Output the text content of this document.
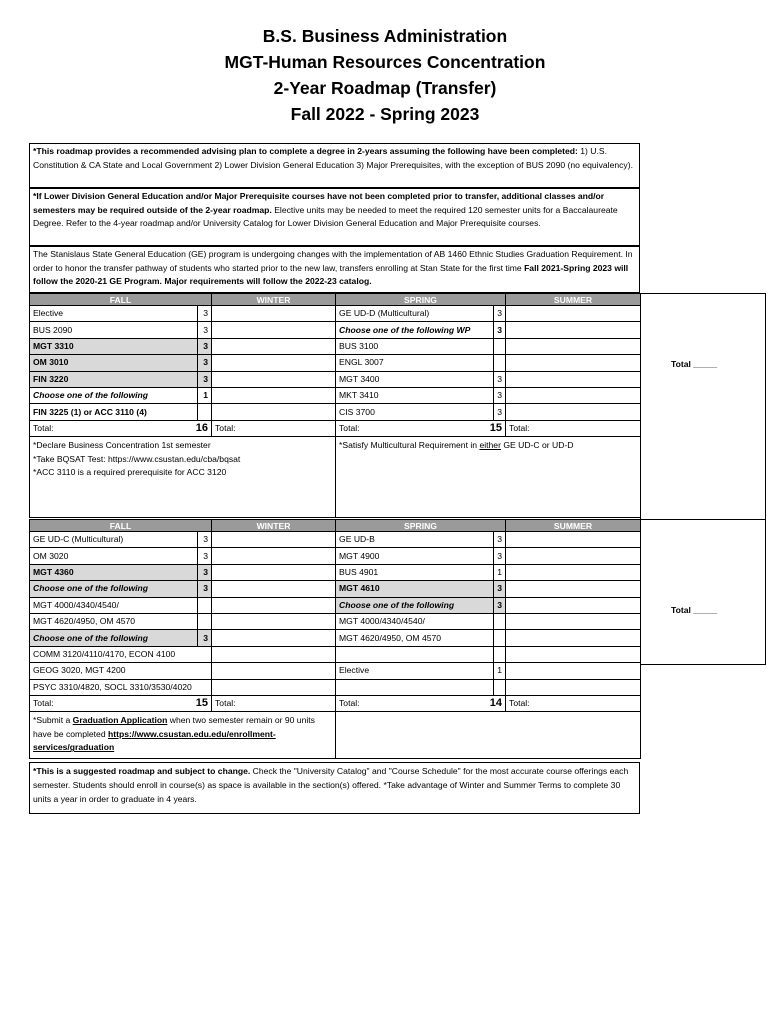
B.S. Business Administration
MGT-Human Resources Concentration
2-Year Roadmap (Transfer)
Fall 2022 - Spring 2023
*This roadmap provides a recommended advising plan to complete a degree in 2-years assuming the following have been completed: 1) U.S. Constitution & CA State and Local Government 2) Lower Division General Education 3) Major Prerequisites, with the exception of BUS 2090 (no equivalency).
*If Lower Division General Education and/or Major Prerequisite courses have not been completed prior to transfer, additional classes and/or semesters may be required outside of the 2-year roadmap. Elective units may be needed to meet the required 120 semester units for a Baccalaureate Degree. Refer to the 4-year roadmap and/or University Catalog for Lower Division General Education and Major Prerequisite courses.
The Stanislaus State General Education (GE) program is undergoing changes with the implementation of AB 1460 Ethnic Studies Graduation Requirement. In order to honor the transfer pathway of students who started prior to the new law, transfers enrolling at Stan State for the first time Fall 2021-Spring 2023 will follow the 2020-21 GE Program. Major requirements will follow the 2022-23 catalog.
FALL		WINTER	SPRING		SUMMER
Elective	3		GE UD-D (Multicultural)	3	
BUS 2090	3		Choose one of the following WP	3	
MGT 3310	3		BUS 3100		
OM 3010	3		ENGL 3007		
FIN 3220	3		MGT 3400	3	
Choose one of the following	1		MKT 3410	3	
FIN 3225 (1) or ACC 3110 (4)			CIS 3700	3	
Total: 16		Total:	Total: 15		Total:

*Declare Business Concentration 1st semester
*Take BQSAT Test: https://www.csustan.edu/cba/bqsat
*ACC 3110 is a required prerequisite for ACC 3120			*Satisfy Multicultural Requirement in either GE UD-C or UD-D		
Total _____
FALL		WINTER	SPRING		SUMMER
GE UD-C (Multicultural)	3		GE UD-B	3	
OM 3020	3		MGT 4900	3	
MGT 4360	3		BUS 4901	1	
Choose one of the following	3		MGT 4610	3	
MGT 4000/4340/4540/			Choose one of the following	3	
MGT 4620/4950, OM 4570			MGT 4000/4340/4540/		
Choose one of the following	3		MGT 4620/4950, OM 4570		
COMM 3120/4110/4170, ECON 4100					
GEOG 3020, MGT 4200			Elective	1	
PSYC 3310/4820, SOCL 3310/3530/4020					
Total: 15		Total:	Total: 14		Total:
*Submit a Graduation Application when two semester remain or 90 units have be completed https://www.csustan.edu.edu/enrollment-services/graduation					
Total _____
*This is a suggested roadmap and subject to change. Check the "University Catalog" and "Course Schedule" for the most accurate course offerings each semester. Students should enroll in course(s) as space is available in the section(s) offered. *Take advantage of Winter and Summer Terms to complete 30 units a year in order to graduate in 4 years.
